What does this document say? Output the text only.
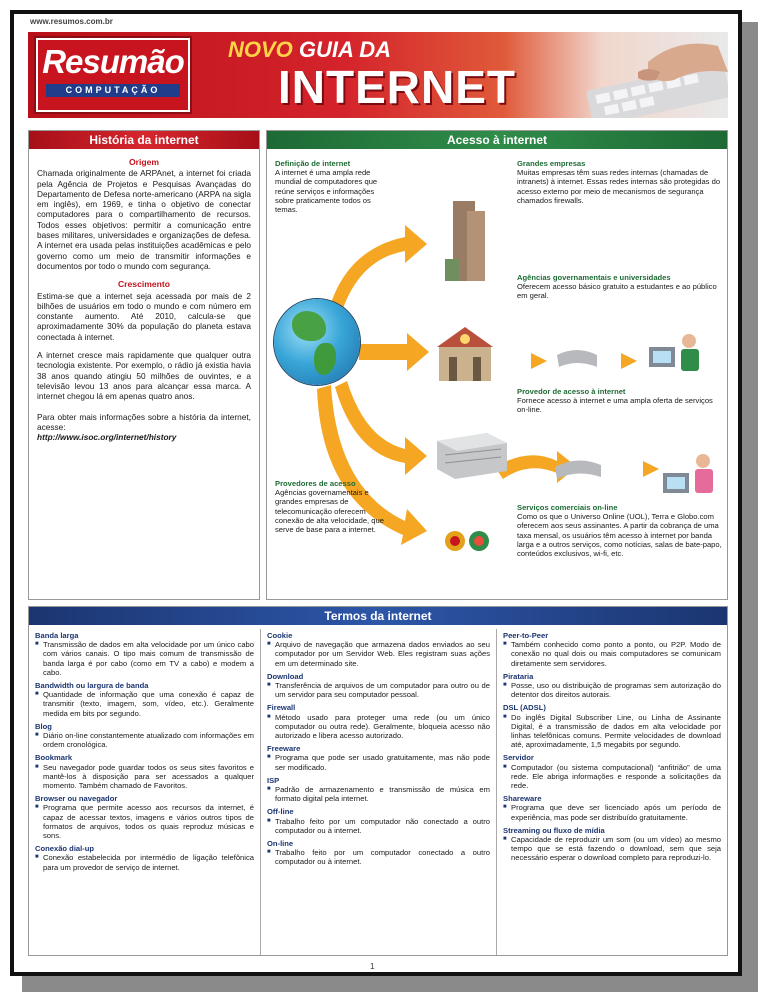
www.resumos.com.br
Resumão
COMPUTAÇÃO
NOVO GUIA DA
INTERNET
História da internet
Origem

Chamada originalmente de ARPAnet, a internet foi criada pela Agência de Projetos e Pesquisas Avançadas do Departamento de Defesa norte-americano (ARPA na sigla em inglês), em 1969, e tinha o objetivo de conectar computadores para o compartilhamento de recursos. Todos esses objetivos: permitir a comunicação entre bases militares, universidades e organizações de defesa. A internet era usada pelas instituições acadêmicas e pelo governo como um meio de transmitir informações e documentos por todo o mundo com segurança.

Crescimento

Estima-se que a internet seja acessada por mais de 2 bilhões de usuários em todo o mundo e com número em constante aumento. Até 2010, calcula-se que aproximadamente 30% da população do planeta estava conectada à internet.

A internet cresce mais rapidamente que qualquer outra tecnologia existente. Por exemplo, o rádio já existia havia 38 anos quando atingiu 50 milhões de ouvintes, e a televisão levou 13 anos para alcançar essa marca. A internet chegou lá em apenas quatro anos.

Para obter mais informações sobre a história da internet, acesse:
http://www.isoc.org/internet/history
Acesso à internet
Definição de internet
A internet é uma ampla rede mundial de computadores que reúne serviços e informações sobre praticamente todos os temas.
Grandes empresas
Muitas empresas têm suas redes internas (chamadas de intranets) à internet. Essas redes internas são protegidas do acesso externo por meio de mecanismos de segurança chamados firewalls.
Agências governamentais e universidades
Oferecem acesso básico gratuito a estudantes e ao público em geral.
Provedor de acesso à internet
Fornece acesso à internet e uma ampla oferta de serviços on-line.
Provedores de acesso
Agências governamentais e grandes empresas de telecomunicação oferecem conexão de alta velocidade, que serve de base para a internet.
Serviços comerciais on-line
Como os que o Universo Online (UOL), Terra e Globo.com oferecem aos seus assinantes. A partir da cobrança de uma taxa mensal, os usuários têm acesso à internet por banda larga e a outros serviços, como notícias, salas de bate-papo, conteúdos exclusivos, wi-fi, etc.
Termos da internet
Banda larga
■ Transmissão de dados em alta velocidade por um único cabo com vários canais. O tipo mais comum de transmissão de banda larga é por cabo (como em TV a cabo) e modem a cabo.
Bandwidth ou largura de banda
■ Quantidade de informação que uma conexão é capaz de transmitir (texto, imagem, som, vídeo, etc.). Geralmente medida em bits por segundo.
Blog
■ Diário on-line constantemente atualizado com informações em ordem cronológica.
Bookmark
■ Seu navegador pode guardar todos os seus sites favoritos e mantê-los à disposição para ser acessados a qualquer momento. Também chamado de Favoritos.
Browser ou navegador
■ Programa que permite acesso aos recursos da internet, é capaz de acessar textos, imagens e vários outros tipos de formatos de arquivos, todos os quais reproduz músicas e sons.
Conexão dial-up
■ Conexão estabelecida por intermédio de ligação telefônica para um provedor de serviço de internet.
Cookie
■ Arquivo de navegação que armazena dados enviados ao seu computador por um Servidor Web. Eles registram suas ações em um determinado site.
Download
■ Transferência de arquivos de um computador para outro ou de um servidor para seu computador pessoal.
Firewall
■ Método usado para proteger uma rede (ou um único computador ou outra rede). Geralmente, bloqueia acesso não autorizado e libera acesso autorizado.
Freeware
■ Programa que pode ser usado gratuitamente, mas não pode ser modificado.
ISP
■ Padrão de armazenamento e transmissão de música em formato digital pela internet.
Off-line
■ Trabalho feito por um computador não conectado a outro computador ou à internet.
On-line
■ Trabalho feito por um computador conectado a outro computador ou à internet.
Peer-to-Peer
■ Também conhecido como ponto a ponto, ou P2P. Modo de conexão no qual dois ou mais computadores se comunicam diretamente sem servidores.
Pirataria
■ Posse, uso ou distribuição de programas sem autorização do detentor dos direitos autorais.
DSL (ADSL)
■ Do inglês Digital Subscriber Line, ou Linha de Assinante Digital, é a transmissão de dados em alta velocidade por linhas telefônicas comuns. Permite velocidades de download até, aproximadamente, 1,5 megabits por segundo.
Servidor
■ Computador (ou sistema computacional) “anfitrião” de uma rede. Ele abriga informações e responde a solicitações da rede.
Shareware
■ Programa que deve ser licenciado após um período de experiência, mas pode ser distribuído gratuitamente.
Streaming ou fluxo de mídia
■ Capacidade de reproduzir um som (ou um vídeo) ao mesmo tempo que se está fazendo o download, sem que seja necessário esperar o download completo para reproduzi-lo.
1
